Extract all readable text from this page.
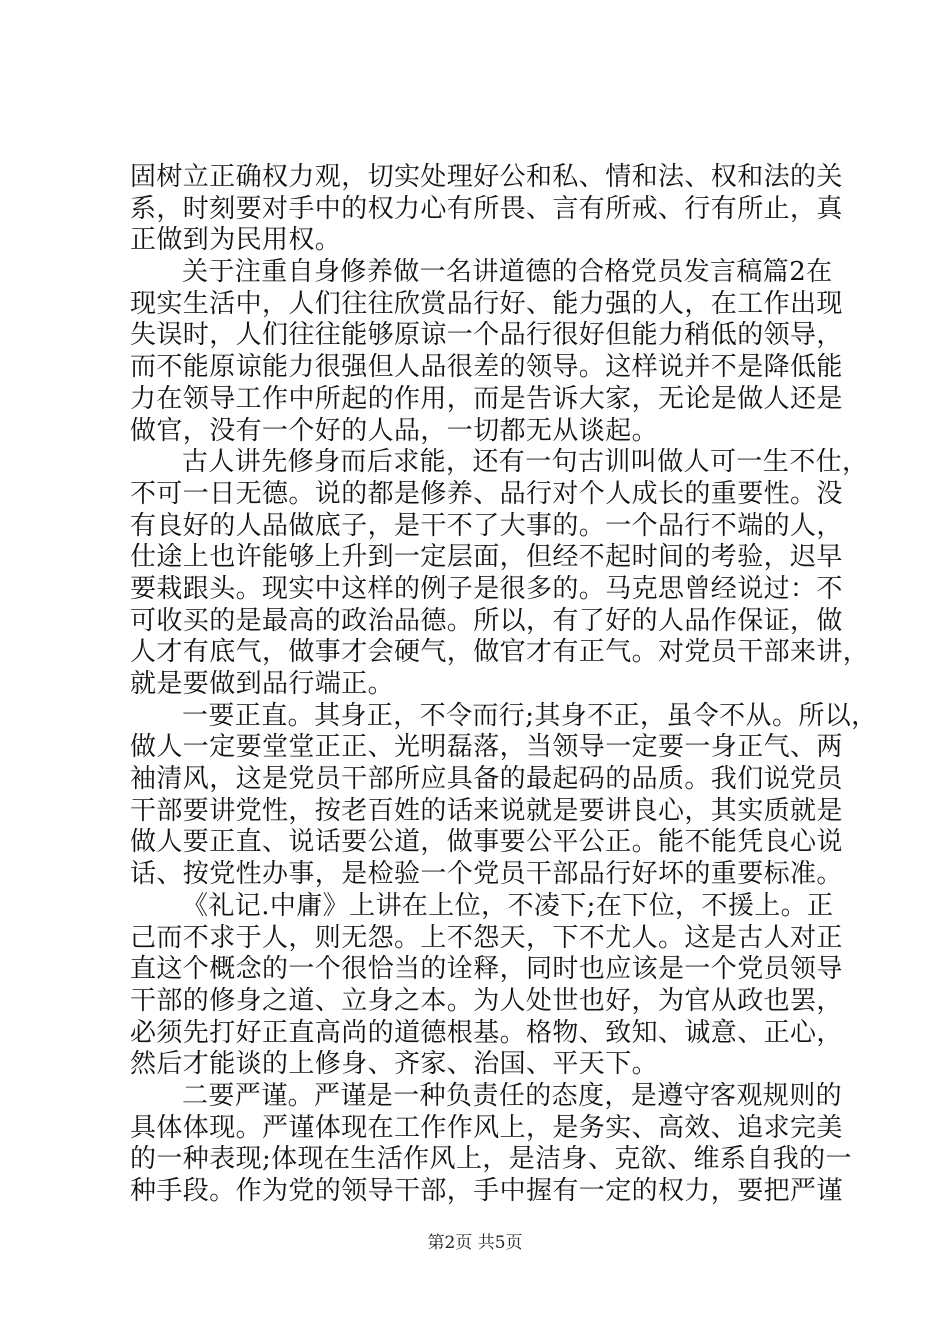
固树立正确权力观，切实处理好公和私、情和法、权和法的关
系，时刻要对手中的权力心有所畏、言有所戒、行有所止，真
正做到为民用权。
关于注重自身修养做一名讲道德的合格党员发言稿篇2在
现实生活中，人们往往欣赏品行好、能力强的人，在工作出现
失误时，人们往往能够原谅一个品行很好但能力稍低的领导，
而不能原谅能力很强但人品很差的领导。这样说并不是降低能
力在领导工作中所起的作用，而是告诉大家，无论是做人还是
做官，没有一个好的人品，一切都无从谈起。
古人讲先修身而后求能，还有一句古训叫做人可一生不仕，
不可一日无德。说的都是修养、品行对个人成长的重要性。没
有良好的人品做底子，是干不了大事的。一个品行不端的人，
仕途上也许能够上升到一定层面，但经不起时间的考验，迟早
要栽跟头。现实中这样的例子是很多的。马克思曾经说过：不
可收买的是最高的政治品德。所以，有了好的人品作保证，做
人才有底气，做事才会硬气，做官才有正气。对党员干部来讲，
就是要做到品行端正。
一要正直。其身正，不令而行;其身不正，虽令不从。所以，
做人一定要堂堂正正、光明磊落，当领导一定要一身正气、两
袖清风，这是党员干部所应具备的最起码的品质。我们说党员
干部要讲党性，按老百姓的话来说就是要讲良心，其实质就是
做人要正直、说话要公道，做事要公平公正。能不能凭良心说
话、按党性办事，是检验一个党员干部品行好坏的重要标准。
《礼记.中庸》上讲在上位，不凌下;在下位，不援上。正
己而不求于人，则无怨。上不怨天，下不尤人。这是古人对正
直这个概念的一个很恰当的诠释，同时也应该是一个党员领导
干部的修身之道、立身之本。为人处世也好，为官从政也罢，
必须先打好正直高尚的道德根基。格物、致知、诚意、正心，
然后才能谈的上修身、齐家、治国、平天下。
二要严谨。严谨是一种负责任的态度，是遵守客观规则的
具体体现。严谨体现在工作作风上，是务实、高效、追求完美
的一种表现;体现在生活作风上，是洁身、克欲、维系自我的一
种手段。作为党的领导干部，手中握有一定的权力，要把严谨
第2页 共5页
